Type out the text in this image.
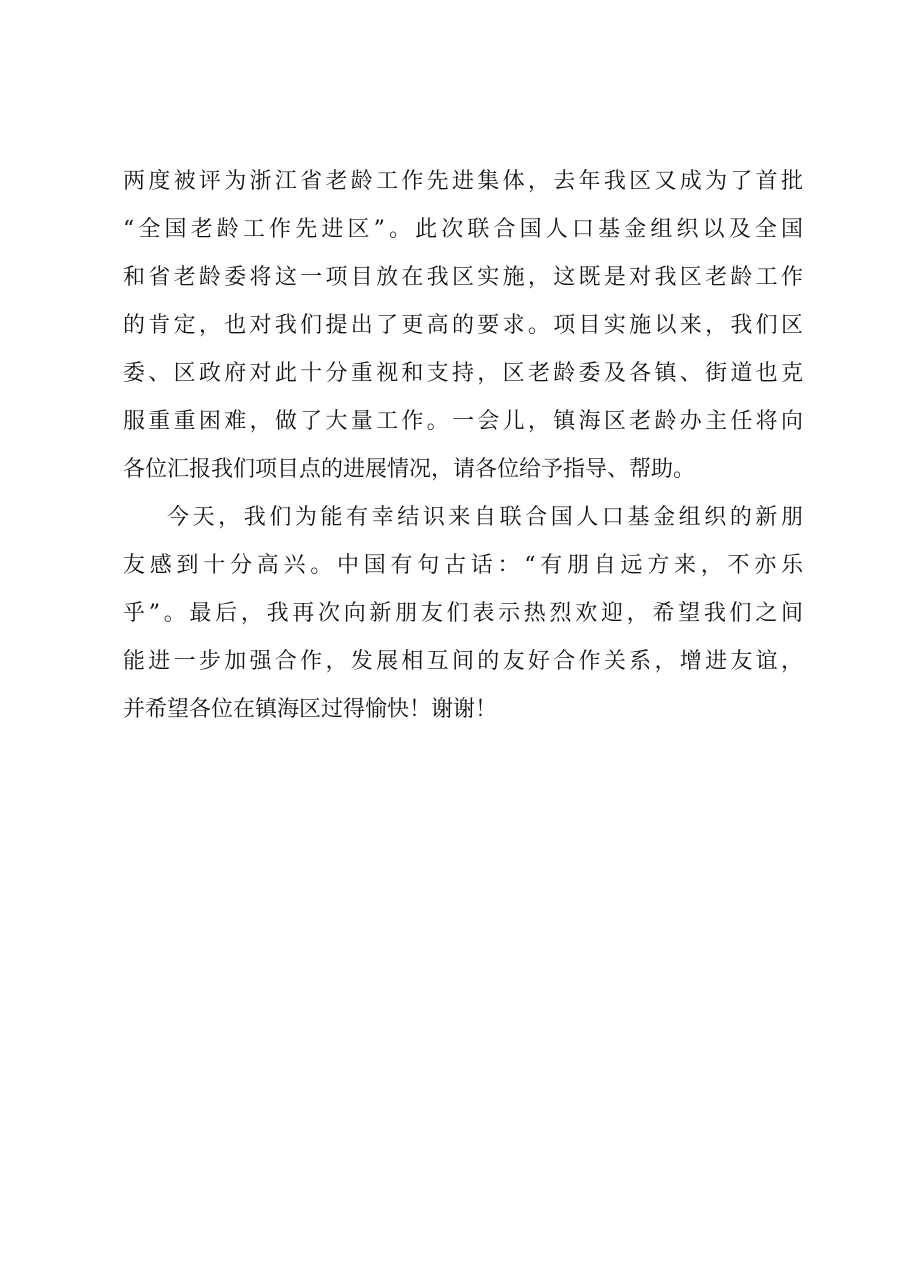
两度被评为浙江省老龄工作先进集体，去年我区又成为了首批
“全国老龄工作先进区”。此次联合国人口基金组织以及全国
和省老龄委将这一项目放在我区实施，这既是对我区老龄工作
的肯定，也对我们提出了更高的要求。项目实施以来，我们区
委、区政府对此十分重视和支持，区老龄委及各镇、街道也克
服重重困难，做了大量工作。一会儿，镇海区老龄办主任将向
各位汇报我们项目点的进展情况，请各位给予指导、帮助。
今天，我们为能有幸结识来自联合国人口基金组织的新朋
友感到十分高兴。中国有句古话：“有朋自远方来，不亦乐
乎”。最后，我再次向新朋友们表示热烈欢迎，希望我们之间
能进一步加强合作，发展相互间的友好合作关系，增进友谊，
并希望各位在镇海区过得愉快！谢谢！
